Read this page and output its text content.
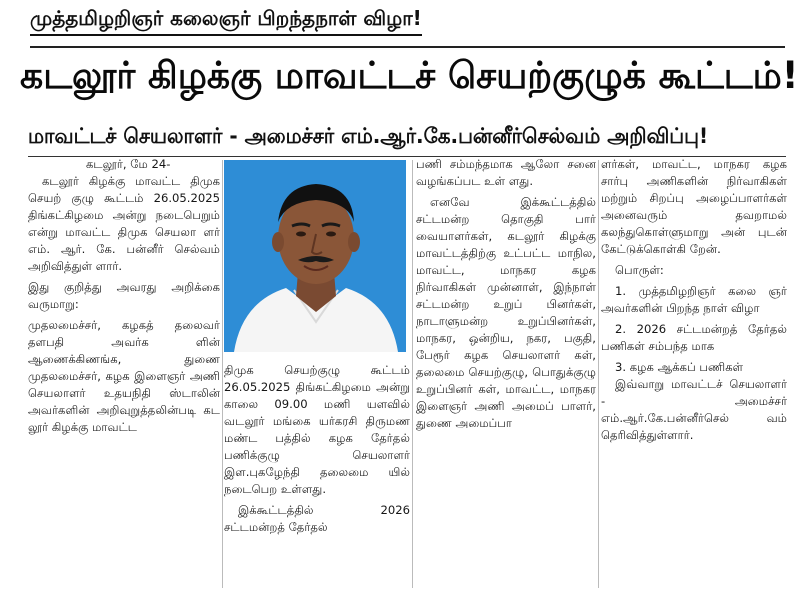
முத்தமிழறிஞர் கலைஞர் பிறந்தநாள் விழா!
கடலூர் கிழக்கு மாவட்டச் செயற்குழுக் கூட்டம்!
மாவட்டச் செயலாளர் - அமைச்சர் எம்.ஆர்.கே.பன்னீர்செல்வம் அறிவிப்பு!

கடலூர், மே 24-

கடலூர் கிழக்கு மாவட்ட திமுக செயற் குழு கூட்டம் 26.05.2025 திங்கட்கிழமை அன்று நடைபெறும் என்று மாவட்ட திமுக செயலா ளர் எம். ஆர். கே. பன்னீர் செல்வம் அறிவித்துள் ளார்.

இது குறித்து அவரது அறிக்கை வருமாறு:

முதலமைச்சர், கழகத் தலைவர் தளபதி அவர்க ளின் ஆணைக்கிணங்க, துணை முதலமைச்சர், கழக இளைஞர் அணி செயலாளர் உதயநிதி ஸ்டாலின் அவர்களின் அறிவுறுத்தலின்படி கட லூர் கிழக்கு மாவட்ட

திமுக செயற்குழு கூட்டம் 26.05.2025 திங்கட்கிழமை அன்று காலை 09.00 மணி யளவில் வடலூர் மங்கை யர்கரசி திருமண மண்ட பத்தில் கழக தேர்தல் பணிக்குழு செயலாளர் இள.புகழேந்தி தலைமை யில் நடைபெற உள்ளது.

இக்கூட்டத்தில் 2026 சட்டமன்றத் தேர்தல்

பணி சம்மந்தமாக ஆலோ சனை வழங்கப்பட உள் ளது.

எனவே இக்கூட்டத்தில் சட்டமன்ற தொகுதி பார் வையாளர்கள், கடலூர் கிழக்கு மாவட்டத்திற்கு உட்பட்ட மாநில, மாவட்ட, மாநகர கழக நிர்வாகிகள் முன்னாள், இந்நாள் சட்டமன்ற உறுப் பினர்கள், நாடாளுமன்ற உறுப்பினர்கள், மாநகர, ஒன்றிய, நகர, பகுதி, பேரூர் கழக செயலாளர் கள், தலைமை செயற்குழு, பொதுக்குழு உறுப்பினர் கள், மாவட்ட, மாநகர இளைஞர் அணி அமைப் பாளர், துணை அமைப்பா

ளர்கள், மாவட்ட, மாநகர கழக சார்பு அணிகளின் நிர்வாகிகள் மற்றும் சிறப்பு அழைப்பாளர்கள் அனைவரும் தவறாமல் கலந்துகொள்ளுமாறு அன் புடன் கேட்டுக்கொள்கி றேன்.

பொருள்:

1. முத்தமிழறிஞர் கலை ஞர் அவர்களின் பிறந்த நாள் விழா

2. 2026 சட்டமன்றத் தேர்தல் பணிகள் சம்பந்த மாக

3. கழக ஆக்கப் பணிகள்

இவ்வாறு மாவட்டச் செயலாளர் - அமைச்சர் எம்.ஆர்.கே.பன்னீர்செல் வம் தெரிவித்துள்ளார்.
